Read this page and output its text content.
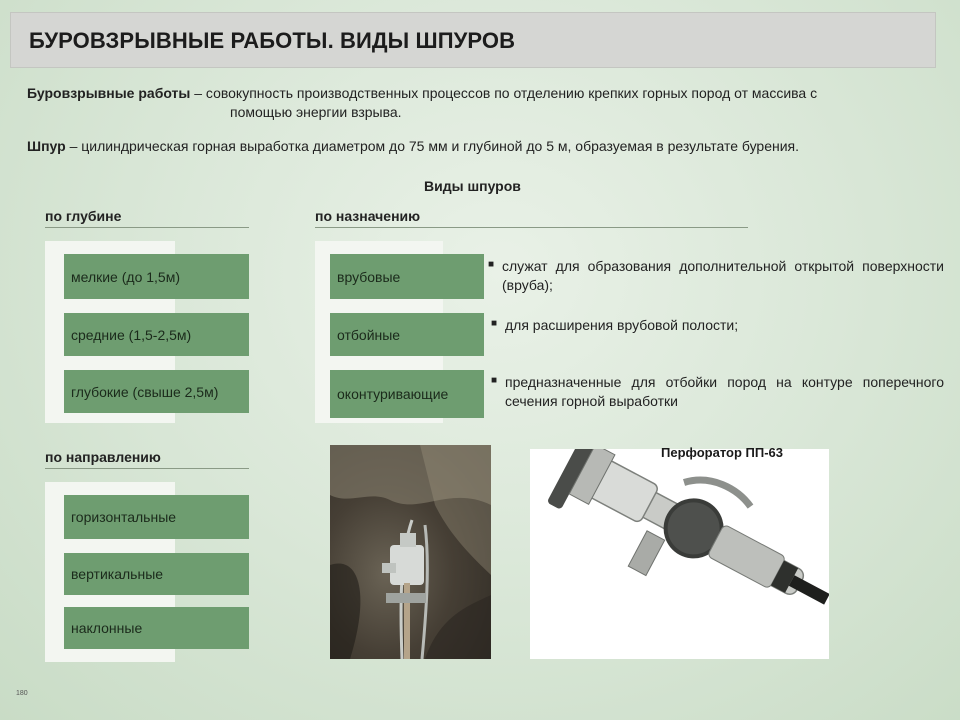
БУРОВЗРЫВНЫЕ РАБОТЫ. ВИДЫ ШПУРОВ
Буровзрывные работы – совокупность производственных процессов по отделению крепких горных пород от массива с
помощью энергии взрыва.
Шпур – цилиндрическая горная выработка диаметром до 75 мм и глубиной до 5 м, образуемая в результате бурения.
Виды шпуров
по глубине
мелкие (до 1,5м)
средние (1,5-2,5м)
глубокие (свыше 2,5м)
по назначению
врубовые
отбойные
оконтуривающие
■ служат для образования дополнительной открытой поверхности (вруба);
■ для расширения врубовой полости;
■ предназначенные для отбойки пород на контуре поперечного сечения горной выработки
по направлению
горизонтальные
вертикальные
наклонные
Перфоратор ПП-63
180
